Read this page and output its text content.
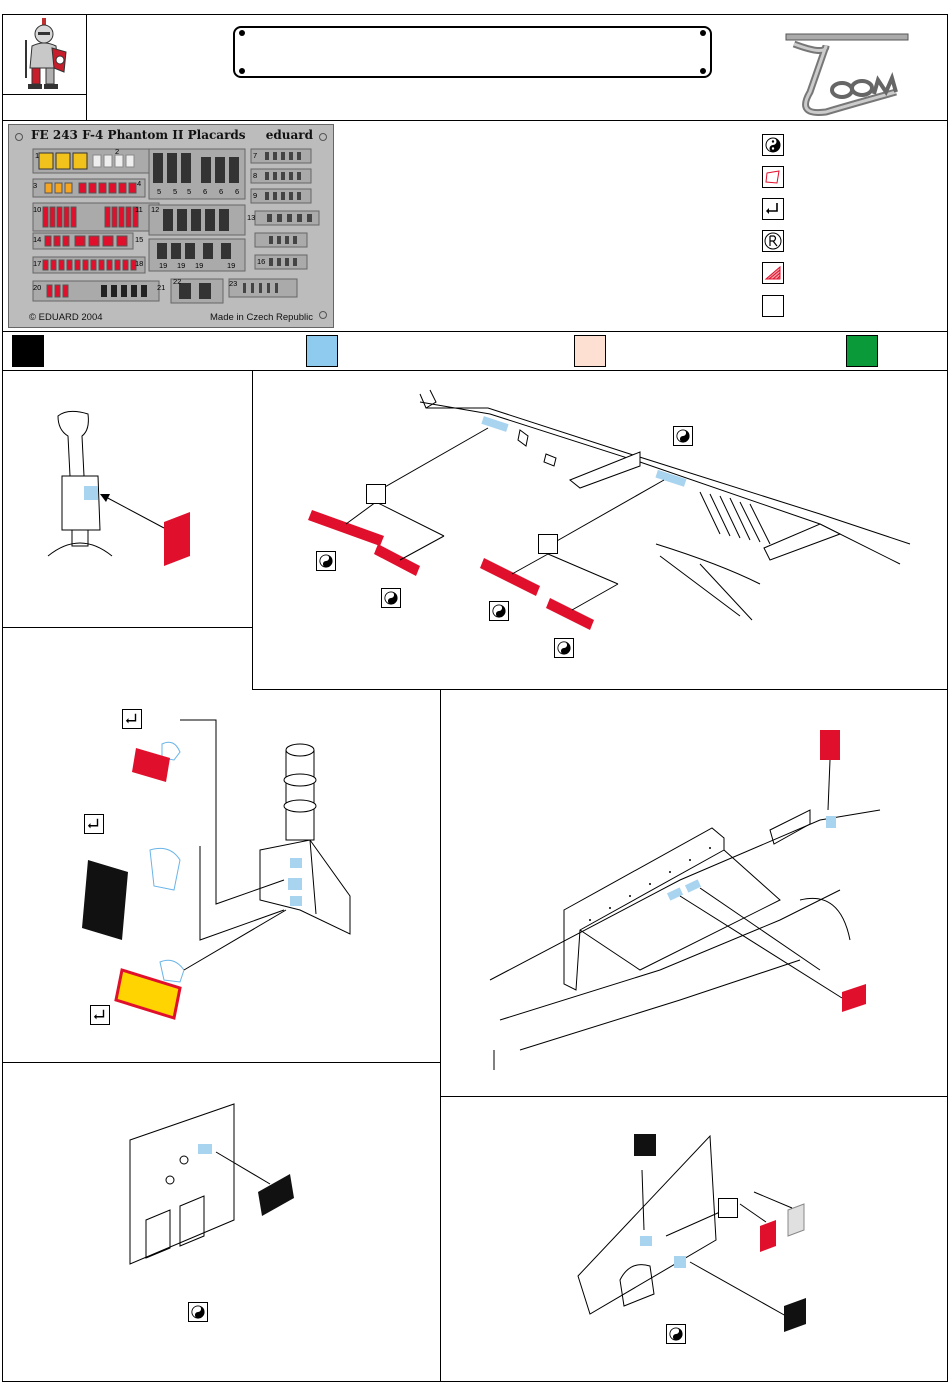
FE 243 F-4 Phantom II Placards eduard
© EDUARD 2004	Made in Czech Republic
1	2
3	4
5 5 5 6 6 6
7
8
9
10	11 12
13
14	15
16
17	18 19 19 19	19
20	21
22	23
